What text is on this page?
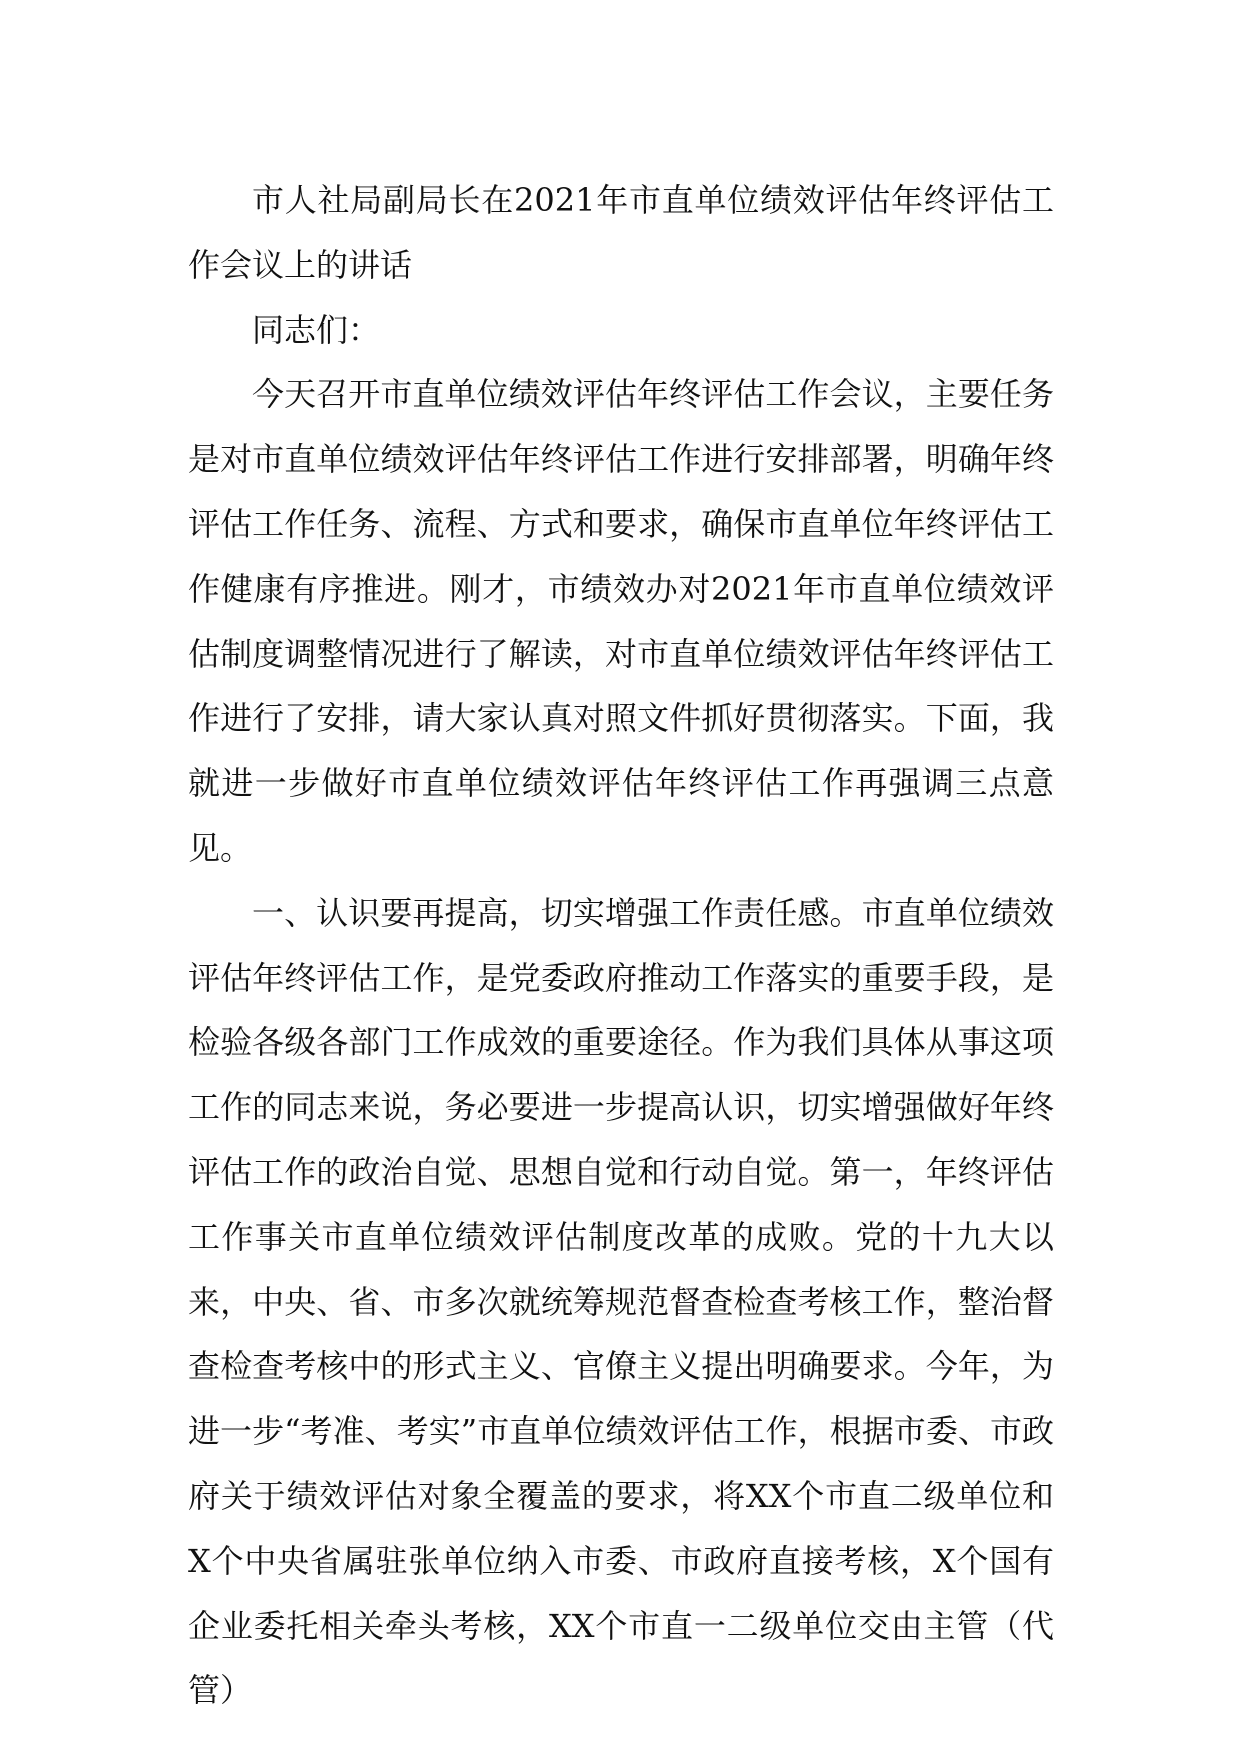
市人社局副局长在2021年市直单位绩效评估年终评估工作会议上的讲话

同志们：

今天召开市直单位绩效评估年终评估工作会议，主要任务是对市直单位绩效评估年终评估工作进行安排部署，明确年终评估工作任务、流程、方式和要求，确保市直单位年终评估工作健康有序推进。刚才，市绩效办对2021年市直单位绩效评估制度调整情况进行了解读，对市直单位绩效评估年终评估工作进行了安排，请大家认真对照文件抓好贯彻落实。下面，我就进一步做好市直单位绩效评估年终评估工作再强调三点意见。

一、认识要再提高，切实增强工作责任感。市直单位绩效评估年终评估工作，是党委政府推动工作落实的重要手段，是检验各级各部门工作成效的重要途径。作为我们具体从事这项工作的同志来说，务必要进一步提高认识，切实增强做好年终评估工作的政治自觉、思想自觉和行动自觉。第一，年终评估工作事关市直单位绩效评估制度改革的成败。党的十九大以来，中央、省、市多次就统筹规范督查检查考核工作，整治督查检查考核中的形式主义、官僚主义提出明确要求。今年，为进一步“考准、考实”市直单位绩效评估工作，根据市委、市政府关于绩效评估对象全覆盖的要求，将XX个市直二级单位和X个中央省属驻张单位纳入市委、市政府直接考核，X个国有企业委托相关牵头考核，XX个市直一二级单位交由主管（代管）
